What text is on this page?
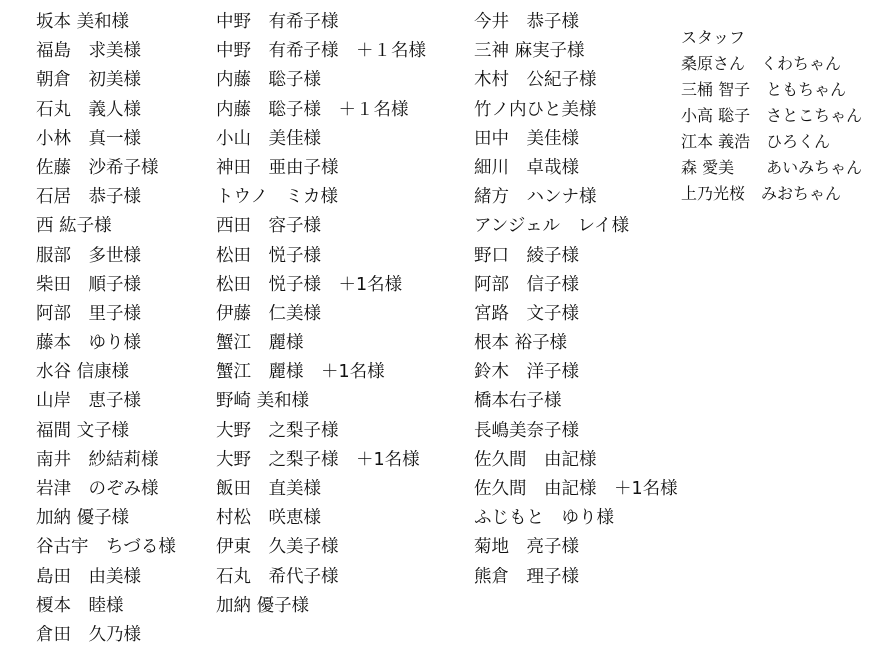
坂本 美和様
福島　求美様
朝倉　初美様
石丸　義人様
小林　真一様
佐藤　沙希子様
石居　恭子様
西 紘子様
服部　多世様
柴田　順子様
阿部　里子様
藤本　ゆり様
水谷 信康様
山岸　恵子様
福間 文子様
南井　紗結莉様
岩津　のぞみ様
加納 優子様
谷古宇　ちづる様
島田　由美様
榎本　睦様
倉田　久乃様
中野　有希子様
中野　有希子様　＋１名様
内藤　聡子様
内藤　聡子様　＋１名様
小山　美佳様
神田　亜由子様
トウノ　ミカ様
西田　容子様
松田　悦子様
松田　悦子様　＋1名様
伊藤　仁美様
蟹江　麗様
蟹江　麗様　＋1名様
野崎 美和様
大野　之梨子様
大野　之梨子様　＋1名様
飯田　直美様
村松　咲恵様
伊東　久美子様
石丸　希代子様
加納 優子様
今井　恭子様
三神 麻実子様
木村　公紀子様
竹ノ内ひと美様
田中　美佳様
細川　卓哉様
緒方　ハンナ様
アンジェル　レイ様
野口　綾子様
阿部　信子様
宮路　文子様
根本 裕子様
鈴木　洋子様
橋本右子様
長嶋美奈子様
佐久間　由記様
佐久間　由記様　＋1名様
ふじもと　ゆり様
菊地　亮子様
熊倉　理子様
スタッフ
桑原さん　くわちゃん
三桶 智子　ともちゃん
小高 聡子　さとこちゃん
江本 義浩　ひろくん
森 愛美　　あいみちゃん
上乃光桜　みおちゃん
